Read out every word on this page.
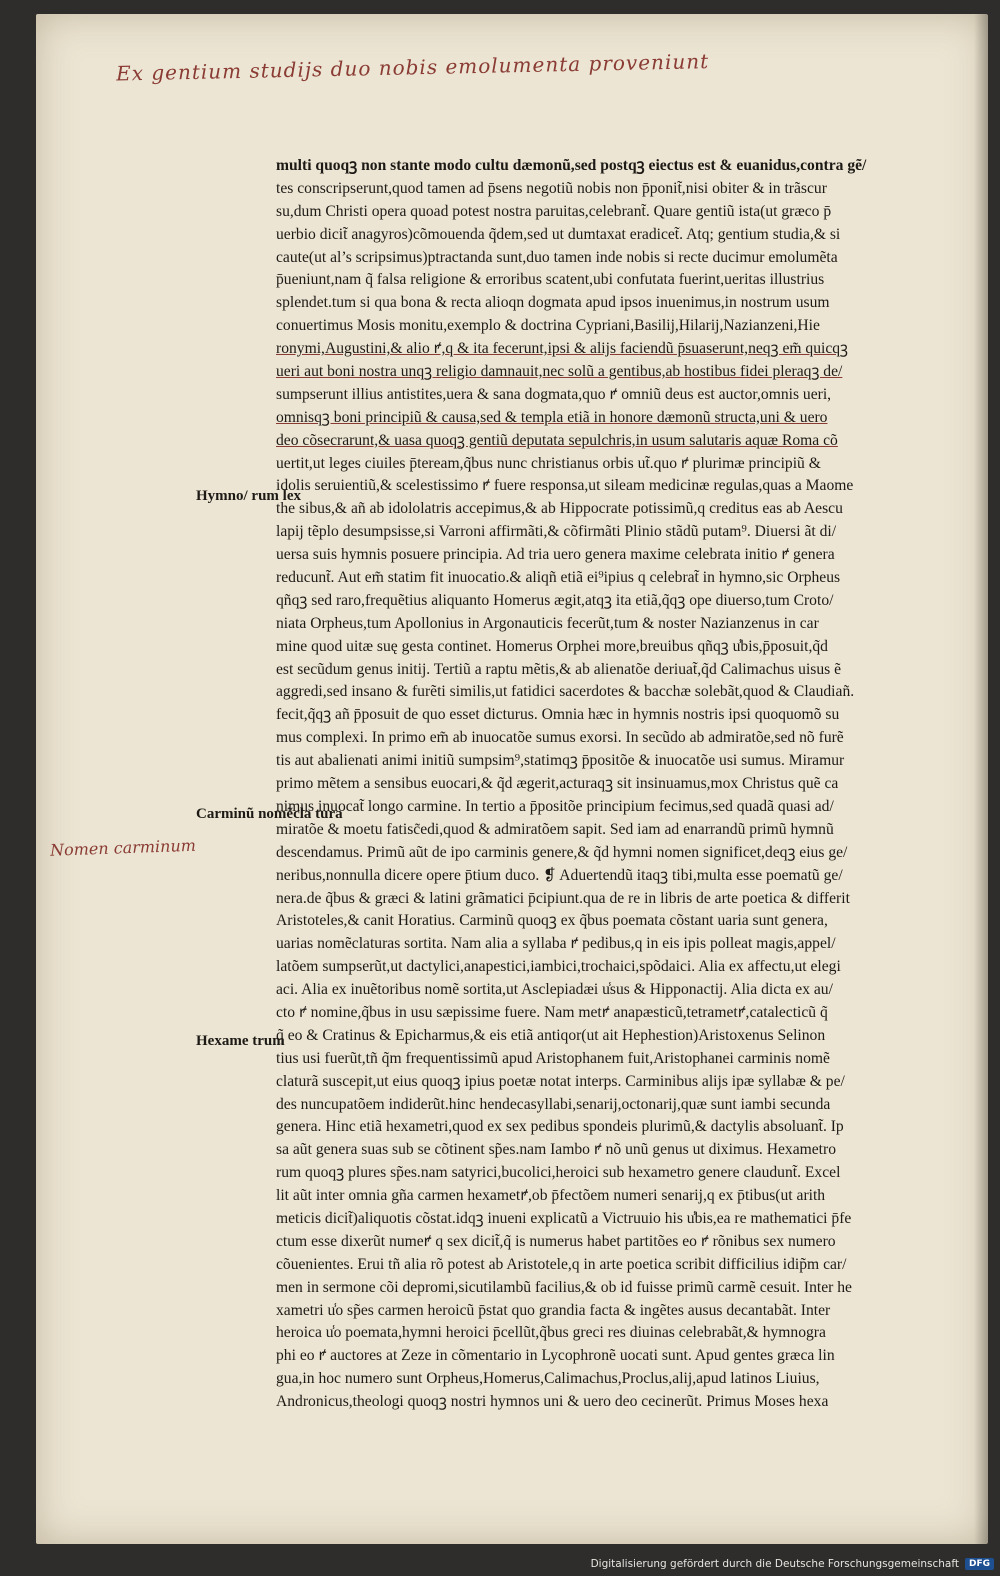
Ex gentium studijs duo nobis emolumenta proveniunt
multi quoqꝫ non stante modo cultu dæmonũ,sed postqꝫ eiectus est & euanidus,contra gẽ/
tes conscripserunt,quod tamen ad p̄sens negotiũ nobis non p̄ponit̃,nisi obiter & in trãscur
su,dum Christi opera quoad potest nostra paruitas,celebrant̃. Quare gentiũ ista(ut græco p̄
uerbio dicit̃ anagyros)cõmouenda q̃dem,sed ut dumtaxat eradicet̃. Atq; gentium studia,& si
caute(ut al’s scripsimus)ptractanda sunt,duo tamen inde nobis si recte ducimur emolumẽta
p̄ueniunt,nam q̃ falsa religione & erroribus scatent,ubi confutata fuerint,ueritas illustrius
splendet.tum si qua bona & recta alioqn dogmata apud ipsos inuenimus,in nostrum usum
conuertimus Mosis monitu,exemplo & doctrina Cypriani,Basilij,Hilarij,Nazianzeni,Hie
ronymi,Augustini,& alio ꝵ,q & ita fecerunt,ipsi & alijs faciendũ p̄suaserunt,neqꝫ em̃ quicqꝫ
ueri aut boni nostra unqꝫ religio damnauit,nec solũ a gentibus,ab hostibus fidei pleraqꝫ de/
sumpserunt illius antistites,uera & sana dogmata,quo ꝵ omniũ deus est auctor,omnis ueri,
omnisqꝫ boni principiũ & causa,sed & templa etiã in honore dæmonũ structa,uni & uero
deo cõsecrarunt,& uasa quoqꝫ gentiũ deputata sepulchris,in usum salutaris aquæ Roma cõ
uertit,ut leges ciuiles p̄teream,q̃bus nunc christianus orbis ut̃.quo ꝵ plurimæ principiũ &
idolis seruientiũ,& scelestissimo ꝵ fuere responsa,ut sileam medicinæ regulas,quas a Maome
the sibus,& añ ab idololatris accepimus,& ab Hippocrate potissimũ,q creditus eas ab Aescu
lapij tẽplo desumpsisse,si Varroni affirmãti,& cõfirmãti Plinio stãdũ putam⁹. Diuersi ãt di/
uersa suis hymnis posuere principia. Ad tria uero genera maxime celebrata initio ꝵ genera
reducunt̃. Aut em̃ statim fit inuocatio.& aliqñ etiã ei⁹ipius q celebrat̃ in hymno,sic Orpheus
qñqꝫ sed raro,frequẽtius aliquanto Homerus ægit,atqꝫ ita etiã,q̃qꝫ ope diuerso,tum Croto/
niata Orpheus,tum Apollonius in Argonauticis fecerũt,tum & noster Nazianzenus in car
mine quod uitæ suę gesta continet. Homerus Orphei more,breuibus qñqꝫ u̾bis,p̄posuit,q̃d
est secũdum genus initij. Tertiũ a raptu mẽtis,& ab alienatõe deriuat̃,q̃d Calimachus uisus ẽ
aggredi,sed insano & furẽti similis,ut fatidici sacerdotes & bacchæ solebãt,quod & Claudiañ.
fecit,q̃qꝫ añ p̄posuit de quo esset dicturus. Omnia hæc in hymnis nostris ipsi quoquomõ su
mus complexi. In primo em̃ ab inuocatõe sumus exorsi. In secũdo ab admiratõe,sed nõ furẽ
tis aut abalienati animi initiũ sumpsim⁹,statimqꝫ p̄positõe & inuocatõe usi sumus. Miramur
primo mẽtem a sensibus euocari,& q̃d ægerit,acturaqꝫ sit insinuamus,mox Christus quẽ ca
nimus inuocat̃ longo carmine. In tertio a p̄positõe principium fecimus,sed quadã quasi ad/
miratõe & moetu fatisc̃edi,quod & admiratõem sapit. Sed iam ad enarrandũ primũ hymnũ
descendamus. Primũ aũt de ipo carminis genere,& q̃d hymni nomen significet,deqꝫ eius ge/
neribus,nonnulla dicere opere p̄tium duco. ❡ Aduertendũ itaqꝫ tibi,multa esse poematũ ge/
nera.de q̃bus & græci & latini grãmatici p̄cipiunt.qua de re in libris de arte poetica & differit
Aristoteles,& canit Horatius. Carminũ quoqꝫ ex q̃bus poemata cõstant uaria sunt genera,
uarias nomẽclaturas sortita. Nam alia a syllaba ꝵ pedibus,q in eis ipis polleat magis,appel/
latõem sumpserũt,ut dactylici,anapestici,iambici,trochaici,spõdaici. Alia ex affectu,ut elegi
aci. Alia ex inuẽtoribus nomẽ sortita,ut Asclepiadæi u̾sus & Hipponactij. Alia dicta ex au/
cto ꝵ nomine,q̃bus in usu sæpissime fuere. Nam metꝵ anapæsticũ,tetrametꝵ,catalecticũ q̃
q̃ eo & Cratinus & Epicharmus,& eis etiã antiqor(ut ait Hephestion)Aristoxenus Selinon
tius usi fuerũt,tñ q̃m frequentissimũ apud Aristophanem fuit,Aristophanei carminis nomẽ
claturã suscepit,ut eius quoqꝫ ipius poetæ notat interps. Carminibus alijs ipæ syllabæ & pe/
des nuncupatõem indiderũt.hinc hendecasyllabi,senarij,octonarij,quæ sunt iambi secunda
genera. Hinc etiã hexametri,quod ex sex pedibus spondeis plurimũ,& dactylis absoluant̃. Ip
sa aũt genera suas sub se cõtinent sp̃es.nam Iambo ꝵ nõ unũ genus ut diximus. Hexametro
rum quoqꝫ plures sp̃es.nam satyrici,bucolici,heroici sub hexametro genere claudunt̃. Excel
lit aũt inter omnia gña carmen hexametꝵ,ob p̄fectõem numeri senarij,q ex p̄tibus(ut arith
meticis dicit̃)aliquotis cõstat.idqꝫ inueni explicatũ a Victruuio his u̾bis,ea re mathematici p̄fe
ctum esse dixerũt numeꝵ q sex dicit̃,q̃ is numerus habet partitões eo ꝵ rõnibus sex numero
cõuenientes. Erui tñ alia rõ potest ab Aristotele,q in arte poetica scribit difficilius idip̃m car/
men in sermone cõi depromi,sicutilambũ facilius,& ob id fuisse primũ carmẽ cesuit. Inter he
xametri u̾o sp̃es carmen heroicũ p̄stat quo grandia facta & ingẽtes ausus decantabãt. Inter
heroica u̾o poemata,hymni heroici p̄cellũt,q̃bus greci res diuinas celebrabãt,& hymnogra
phi eo ꝵ auctores at Zeze in cõmentario in Lycophronẽ uocati sunt. Apud gentes græca lin
gua,in hoc numero sunt Orpheus,Homerus,Calimachus,Proclus,alij,apud latinos Liuius,
Andronicus,theologi quoqꝫ nostri hymnos uni & uero deo cecinerũt. Primus Moses hexa
Hymno/ rum lex
Carminũ nomẽcla tura
Nomen carminum
Hexame trum
Digitalisierung gefördert durch die Deutsche Forschungsgemeinschaft	DFG
